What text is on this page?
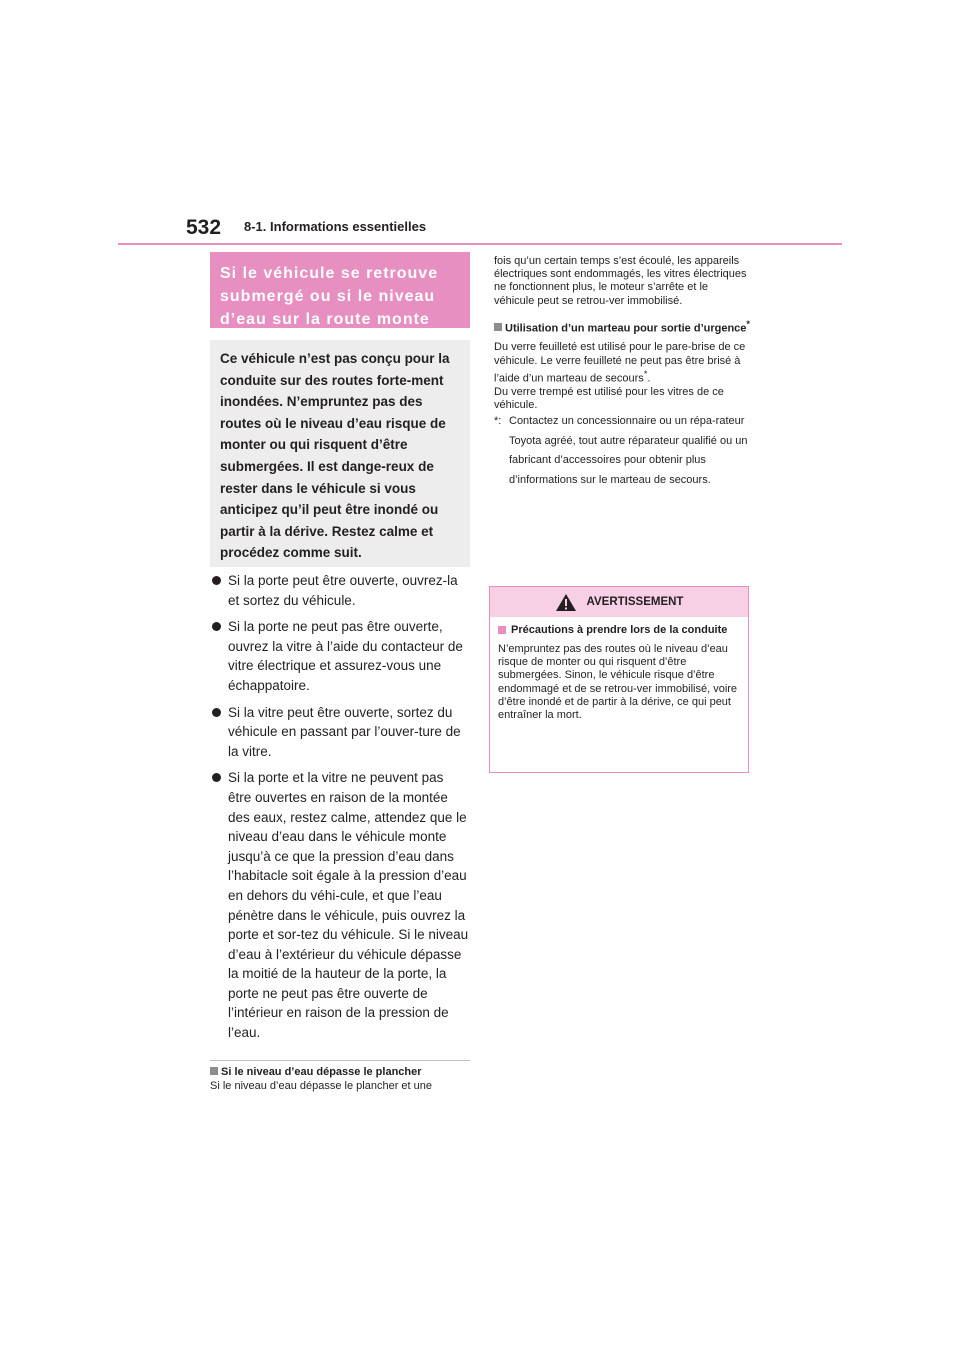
532 8-1. Informations essentielles
Si le véhicule se retrouve submergé ou si le niveau d’eau sur la route monte
Ce véhicule n’est pas conçu pour la conduite sur des routes forte-ment inondées. N’empruntez pas des routes où le niveau d’eau risque de monter ou qui risquent d’être submergées. Il est dange-reux de rester dans le véhicule si vous anticipez qu’il peut être inondé ou partir à la dérive. Restez calme et procédez comme suit.
Si la porte peut être ouverte, ouvrez-la et sortez du véhicule.
Si la porte ne peut pas être ouverte, ouvrez la vitre à l’aide du contacteur de vitre électrique et assurez-vous une échappatoire.
Si la vitre peut être ouverte, sortez du véhicule en passant par l’ouver-ture de la vitre.
Si la porte et la vitre ne peuvent pas être ouvertes en raison de la montée des eaux, restez calme, attendez que le niveau d’eau dans le véhicule monte jusqu’à ce que la pression d’eau dans l’habitacle soit égale à la pression d’eau en dehors du véhi-cule, et que l’eau pénètre dans le véhicule, puis ouvrez la porte et sor-tez du véhicule. Si le niveau d’eau à l’extérieur du véhicule dépasse la moitié de la hauteur de la porte, la porte ne peut pas être ouverte de l’intérieur en raison de la pression de l’eau.
Si le niveau d’eau dépasse le plancher
Si le niveau d’eau dépasse le plancher et une
fois qu’un certain temps s’est écoulé, les appareils électriques sont endommagés, les vitres électriques ne fonctionnent plus, le moteur s’arrête et le véhicule peut se retrou-ver immobilisé.
Utilisation d’un marteau pour sortie d’urgence*
Du verre feuilleté est utilisé pour le pare-brise de ce véhicule. Le verre feuilleté ne peut pas être brisé à l’aide d’un marteau de secours*.
Du verre trempé est utilisé pour les vitres de ce véhicule.
*: Contactez un concessionnaire ou un répa-rateur Toyota agréé, tout autre réparateur qualifié ou un fabricant d’accessoires pour obtenir plus d’informations sur le marteau de secours.
AVERTISSEMENT
Précautions à prendre lors de la conduite
N’empruntez pas des routes où le niveau d’eau risque de monter ou qui risquent d’être submergées. Sinon, le véhicule risque d’être endommagé et de se retrou-ver immobilisé, voire d’être inondé et de partir à la dérive, ce qui peut entraîner la mort.
